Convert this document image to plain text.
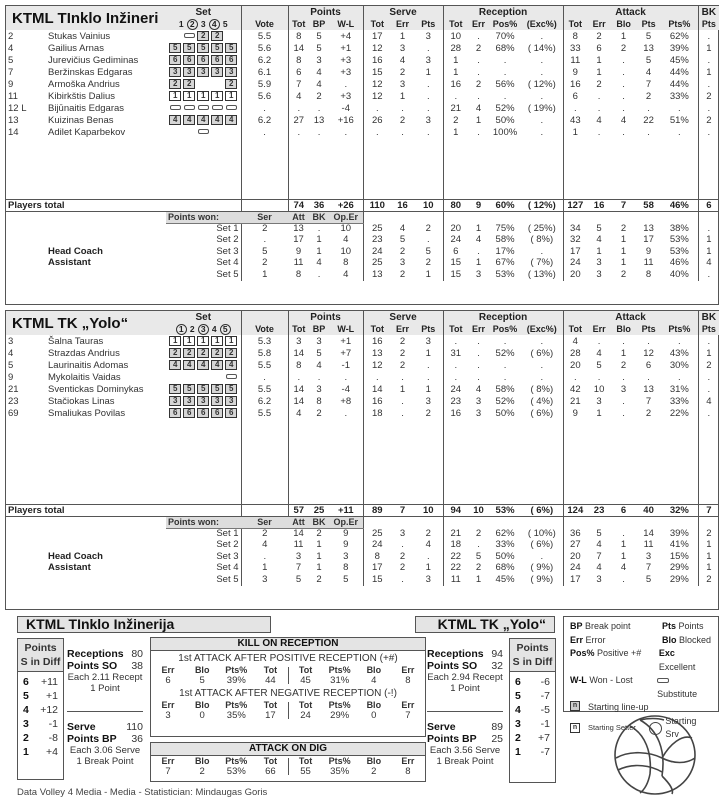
KTML TInklo Inžineri		Set		Points			Serve			Reception				Attack					BK
		1 2 3 4 5	Vote	Tot	BP	W-L	Tot	Err	Pts	Tot	Err	Pos%	(Exc%)	Tot	Err	Blo	Pts	Pts%	Pts
2	Stukas Vainius	2 2	5.5	8	5	+4	17	1	3	10	.	70%	.	8	2	1	5	62%	.
4	Gailius Arnas	5 5 5 5 5	5.6	14	5	+1	12	3	.	28	2	68%	( 14%)	33	6	2	13	39%	1
5	Jurevičius Gediminas	6 6 6 6 6	6.2	8	3	+3	16	4	3	1	.	.	.	11	1	.	5	45%	.
7	Beržinskas Edgaras	3 3 3 3 3	6.1	6	4	+3	15	2	1	1	.	.	.	9	1	.	4	44%	1
9	Armoška Andrius	2 2 2	5.9	7	4	.	12	3	.	16	2	56%	( 12%)	16	2	.	7	44%	.
11	Kibirkštis Dalius	1 1 1 1 1	5.6	4	2	+3	12	1	.	.	.	.	.	6	.	.	2	33%	2
12 L	Bijūnaitis Edgaras		.	.	.	-4	.	.	.	21	4	52%	( 19%)	.	.	.	.	.	.
13	Kuizinas Benas	4 4 4 4 4	6.2	27	13	+16	26	2	3	2	1	50%	.	43	4	4	22	51%	2
14	Adilet Kaparbekov		.	.	.	.	.	.	.	1	.	100%	.	1	.	.	.	.	.

Players total				74	36	+26	110	16	10	80	9	60%	( 12%)	127	16	7	58	46%	6
		Points won:	Ser	Att	BK	Op.Er													
		Set 1	2	13	.	10	25	4	2	20	1	75%	( 25%)	34	5	2	13	38%	.
		Set 2	.	17	1	4	23	5	.	24	4	58%	( 8%)	32	4	1	17	53%	1
	Head Coach	Set 3	5	9	1	10	24	2	5	6	.	17%	.	17	1	1	9	53%	1
	Assistant	Set 4	2	11	4	8	25	3	2	15	1	67%	( 7%)	24	3	1	11	46%	4
		Set 5	1	8	.	4	13	2	1	15	3	53%	( 13%)	20	3	2	8	40%	.
KTML TK „Yolo“		Set		Points			Serve			Reception				Attack					BK
		1 2 3 4 5	Vote	Tot	BP	W-L	Tot	Err	Pts	Tot	Err	Pos%	(Exc%)	Tot	Err	Blo	Pts	Pts%	Pts
3	Šalna Tauras	1 1 1 1 1	5.3	3	3	+1	16	2	3	.	.	.	.	4	.	.	.	.	.
4	Strazdas Andrius	2 2 2 2 2	5.8	14	5	+7	13	2	1	31	.	52%	( 6%)	28	4	1	12	43%	1
5	Laurinaitis Adomas	4 4 4 4 4	5.5	8	4	-1	12	2	.	.	.	.	.	20	5	2	6	30%	2
9	Mykolaitis Vaidas		.	.	.	.	.	.	.	.	.	.	.	.	.	.	.	.	.
21	Sventickas Dominykas	5 5 5 5 5	5.5	14	3	-4	14	1	1	24	4	58%	( 8%)	42	10	3	13	31%	.
23	Stačiokas Linas	3 3 3 3 3	6.2	14	8	+8	16	.	3	23	3	52%	( 4%)	21	3	.	7	33%	4
69	Smaliukas Povilas	6 6 6 6 6	5.5	4	2	.	18	.	2	16	3	50%	( 6%)	9	1	.	2	22%	.

Players total				57	25	+11	89	7	10	94	10	53%	( 6%)	124	23	6	40	32%	7
		Points won:	Ser	Att	BK	Op.Er													
		Set 1	2	14	2	9	25	3	2	21	2	62%	( 10%)	36	5	.	14	39%	2
		Set 2	4	11	1	9	24	.	4	18	.	33%	( 6%)	27	4	1	11	41%	1
	Head Coach	Set 3	.	3	1	3	8	2	.	22	5	50%	.	20	7	1	3	15%	1
	Assistant	Set 4	1	7	1	8	17	2	1	22	2	68%	( 9%)	24	4	4	7	29%	1
		Set 5	3	5	2	5	15	.	3	11	1	45%	( 9%)	17	3	.	5	29%	2
KTML TInklo Inžinerija	KTML TK „Yolo“
Points
S in Diff
6 +11
5 +1
4 +12
3 -1
2 -8
1 +4
Points
S in Diff
6 -6
5 -7
4 -5
3 -1
2 +7
1 -7
Receptions 80
Points SO 38
Each 2.11 Recept
1 Point
Serve	110
Points BP 36
Each 3.06 Serve
1 Break Point
Receptions 94
Points SO 32
Each 2.94 Recept
1 Point
Serve	89
Points BP 25
Each 3.56 Serve
1 Break Point
KILL ON RECEPTION
1st ATTACK AFTER POSITIVE RECEPTION (+#)
Err	Blo	Pts%	Tot	Tot	Pts%	Blo	Err
6	5	39%	44	45	31%	4	8
1st ATTACK AFTER NEGATIVE RECEPTION (-!)
Err	Blo	Pts%	Tot	Tot	Pts%	Blo	Err
3	0	35%	17	24	29%	0	7
ATTACK ON DIG
Err	Blo	Pts%	Tot	Tot	Pts%	Blo	Err
7	2	53%	66	55	35%	2	8
BP Break point	Pts Points
Err Error	Blo Blocked
Pos% Positive +#	Exc Excellent
W-L Won - Lost
Substitute
n	Starting line-up
n	Starting Setter
Starting Srv
Data Volley 4 Media - Media - Statistician: Mindaugas Goris
